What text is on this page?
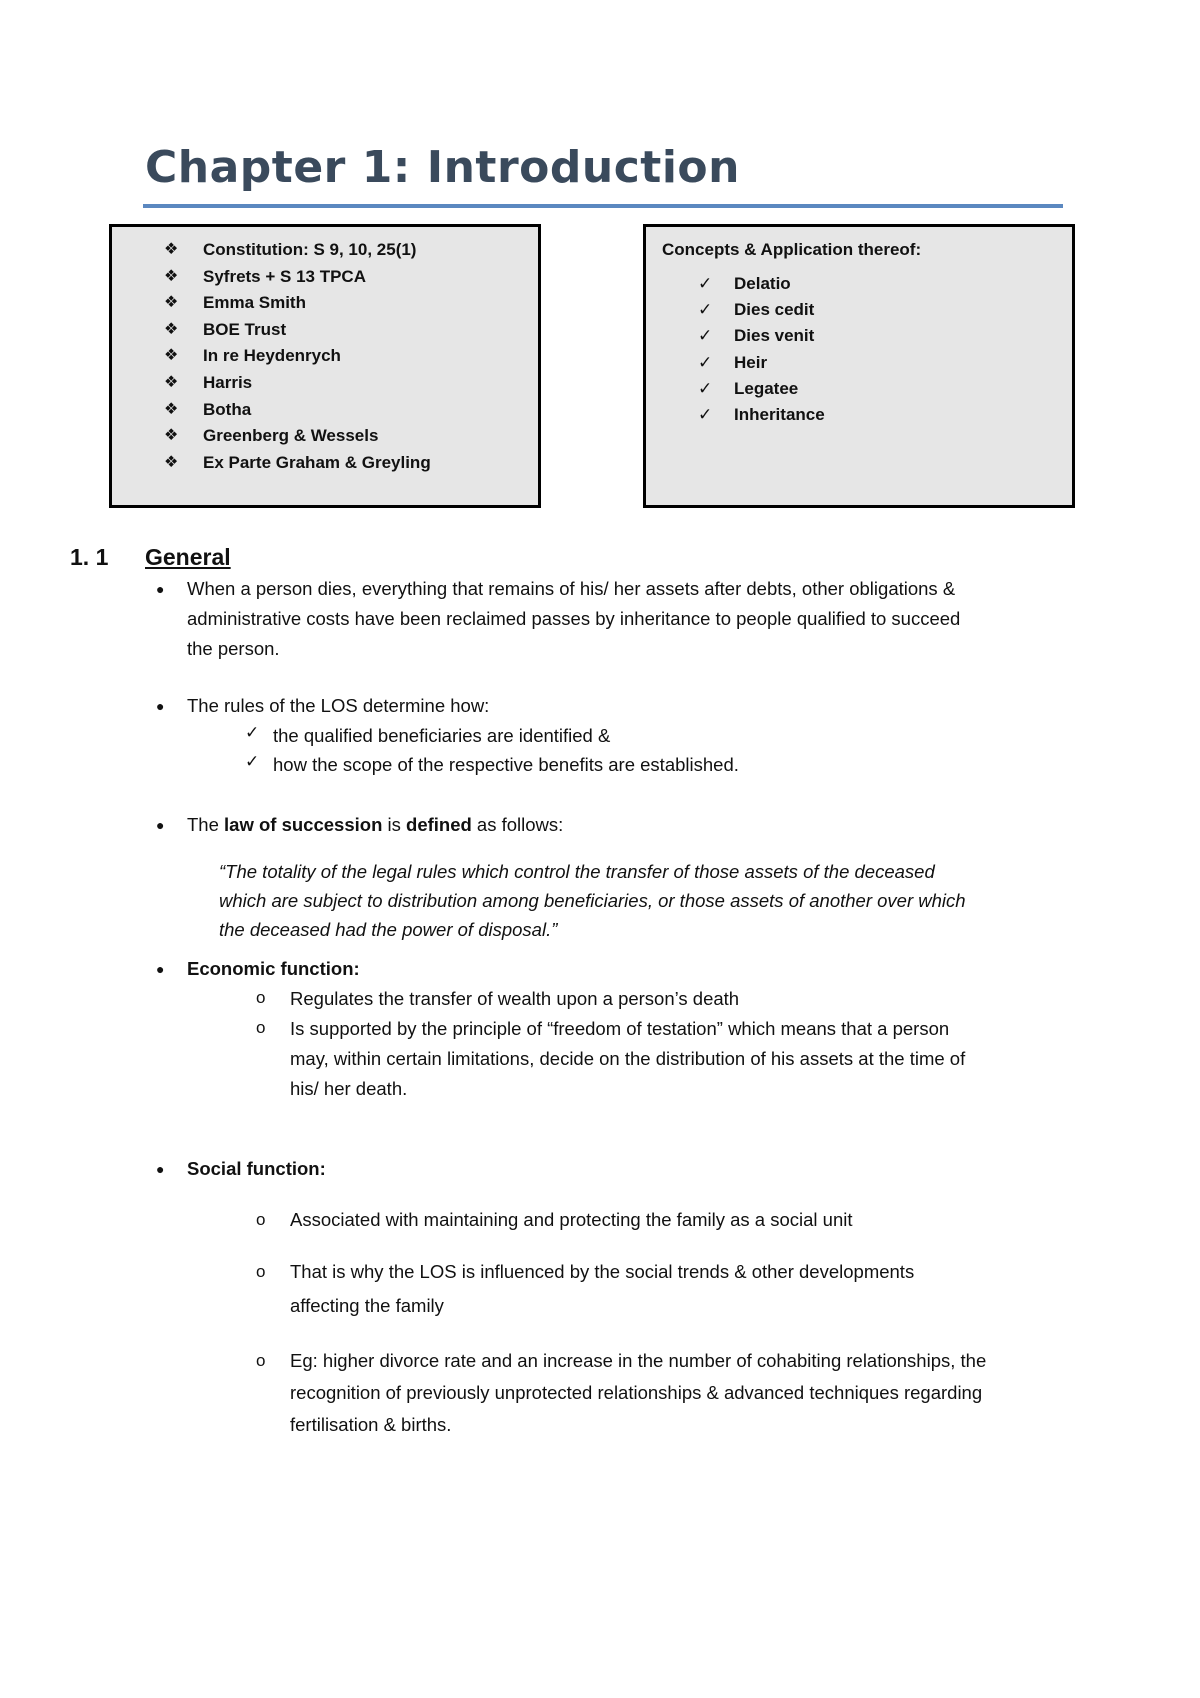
Chapter 1: Introduction
❖ Constitution: S 9, 10, 25(1)
❖ Syfrets + S 13 TPCA
❖ Emma Smith
❖ BOE Trust
❖ In re Heydenrych
❖ Harris
❖ Botha
❖ Greenberg & Wessels
❖ Ex Parte Graham & Greyling
Concepts & Application thereof:
✓ Delatio
✓ Dies cedit
✓ Dies venit
✓ Heir
✓ Legatee
✓ Inheritance
1. 1 General
● When a person dies, everything that remains of his/ her assets after debts, other obligations &
administrative costs have been reclaimed passes by inheritance to people qualified to succeed
the person.
● The rules of the LOS determine how:
✓ the qualified beneficiaries are identified &
✓ how the scope of the respective benefits are established.
● The law of succession is defined as follows:
“The totality of the legal rules which control the transfer of those assets of the deceased
which are subject to distribution among beneficiaries, or those assets of another over which
the deceased had the power of disposal.”
● Economic function:
o Regulates the transfer of wealth upon a person’s death
o Is supported by the principle of “freedom of testation” which means that a person
may, within certain limitations, decide on the distribution of his assets at the time of
his/ her death.
● Social function:
o Associated with maintaining and protecting the family as a social unit
o That is why the LOS is influenced by the social trends & other developments
affecting the family
o Eg: higher divorce rate and an increase in the number of cohabiting relationships, the
recognition of previously unprotected relationships & advanced techniques regarding
fertilisation & births.
